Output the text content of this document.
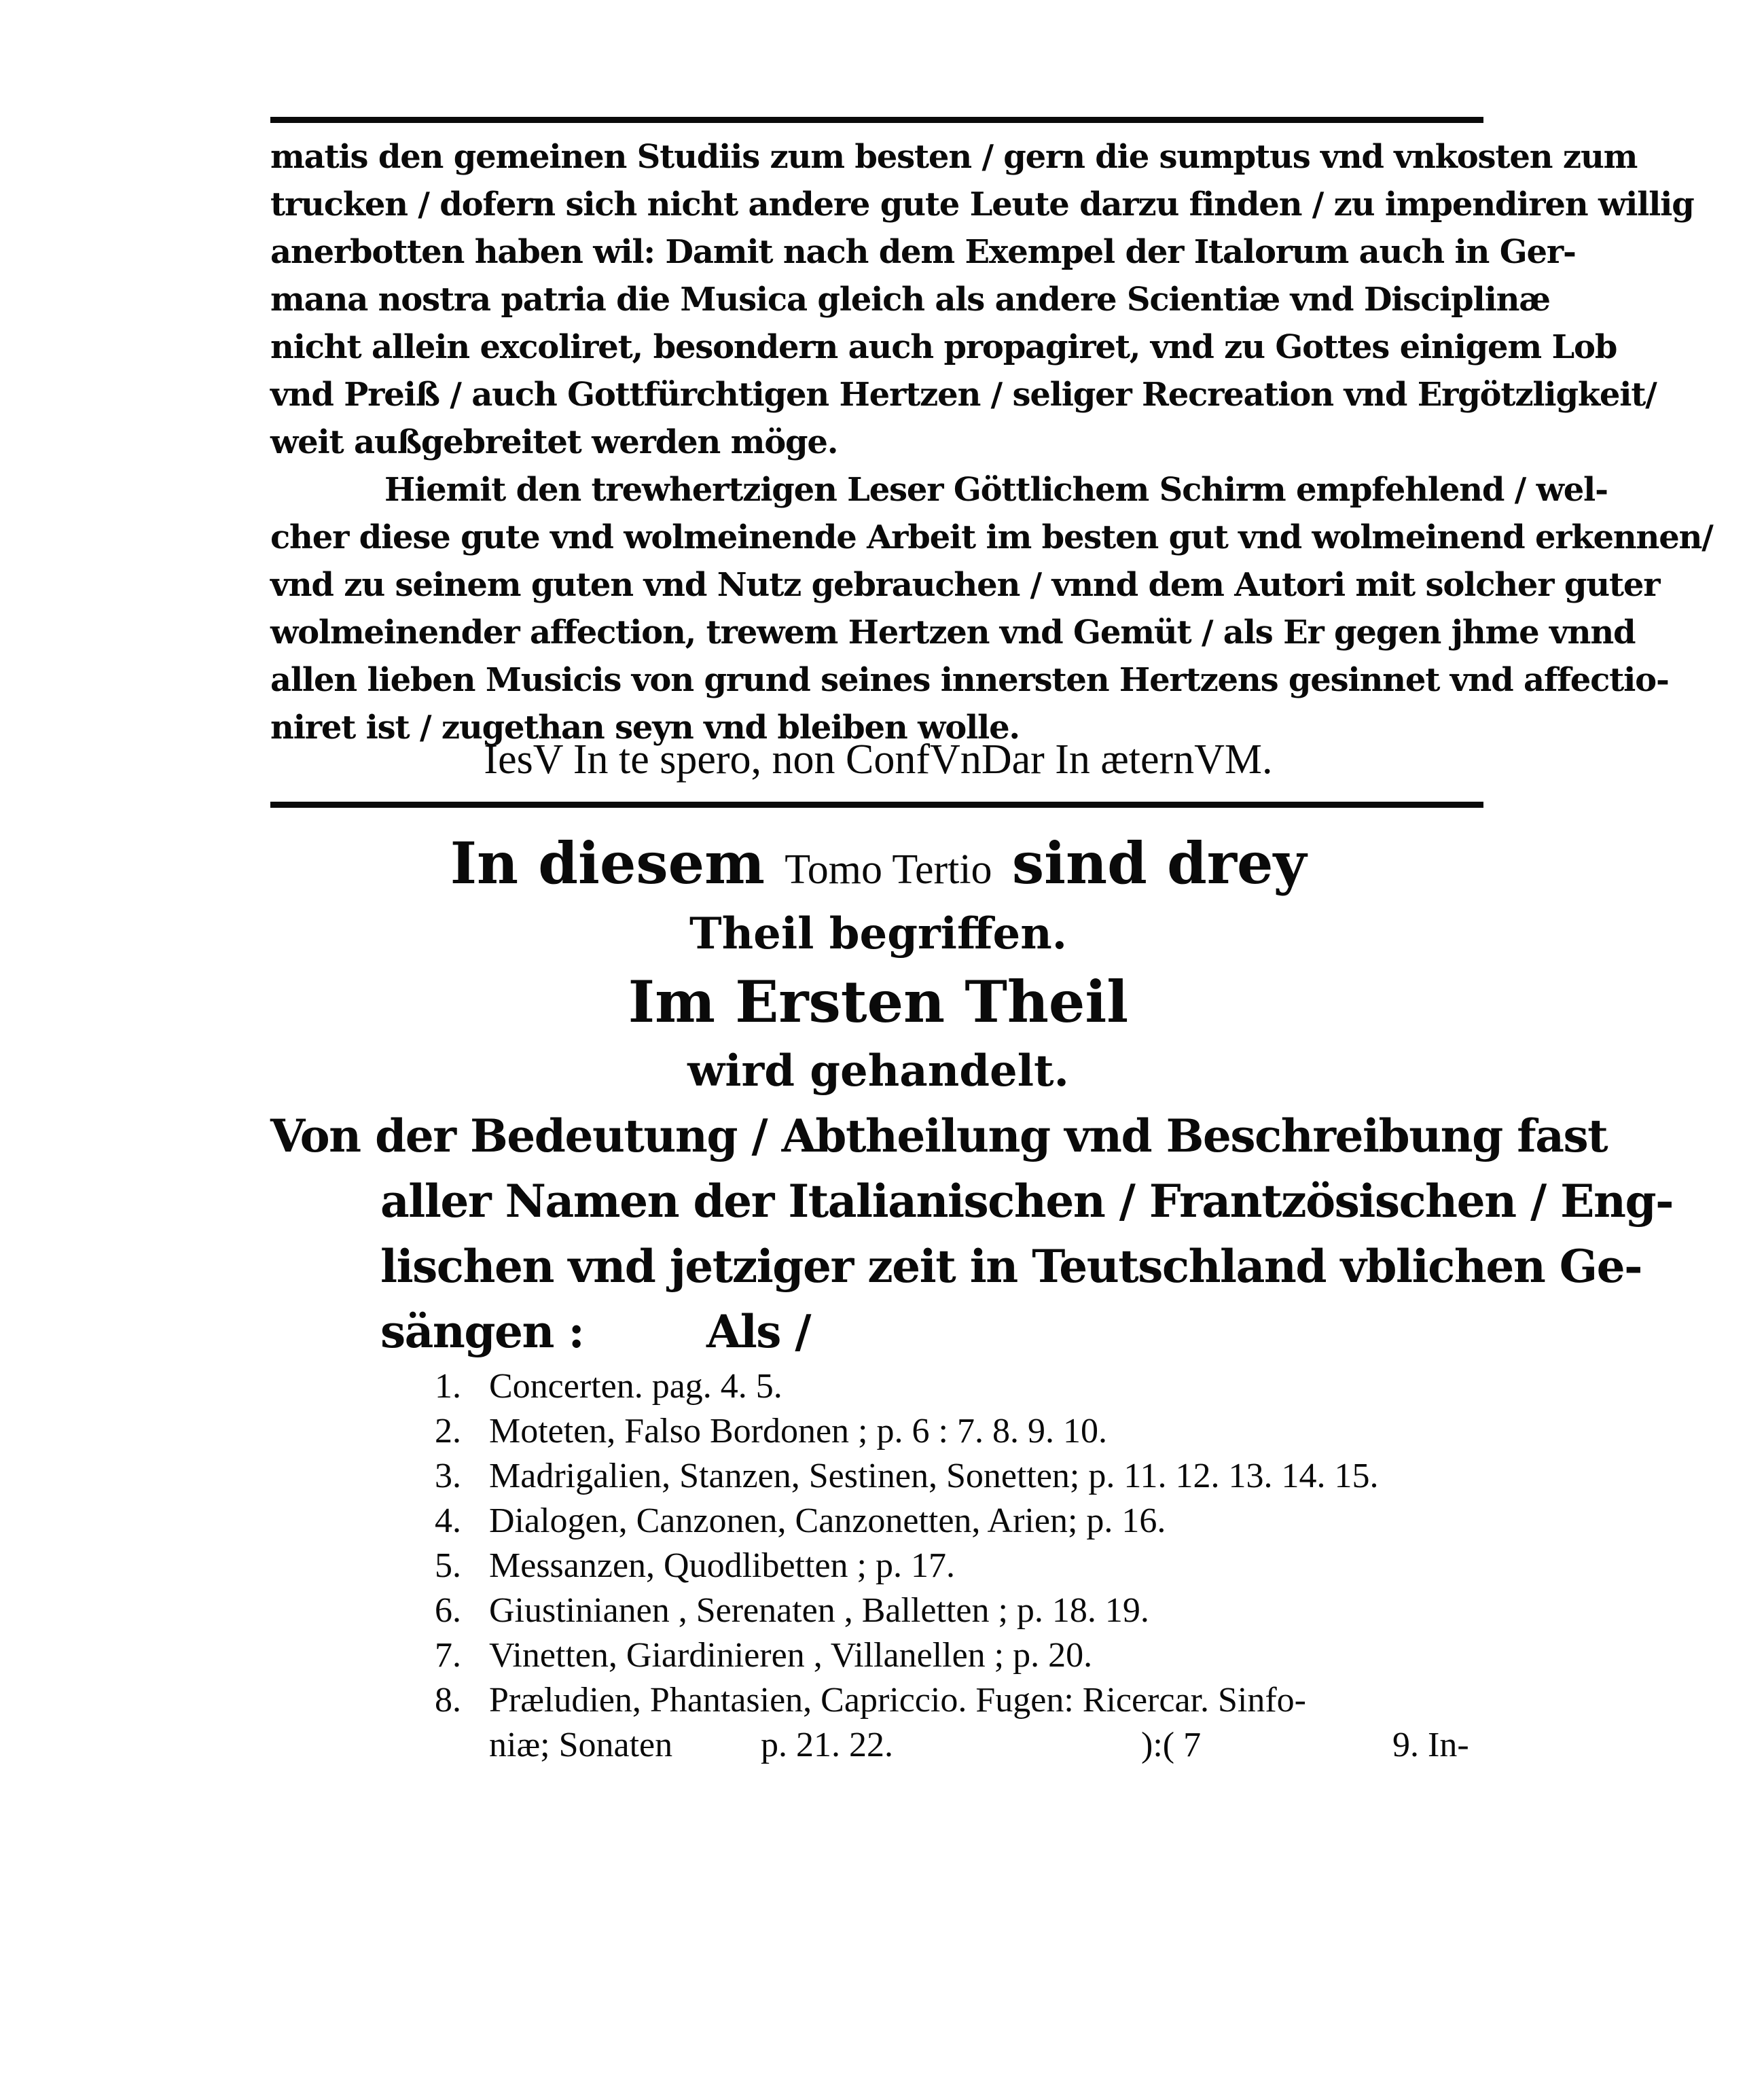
matis den gemeinen Studiis zum besten / gern die sumptus vnd vnkosten zum
trucken / dofern sich nicht andere gute Leute darzu finden / zu impendiren willig
anerbotten haben wil: Damit nach dem Exempel der Italorum auch in Ger-
mana nostra patria die Musica gleich als andere Scientiæ vnd Disciplinæ
nicht allein excoliret, besondern auch propagiret, vnd zu Gottes einigem Lob
vnd Preiß / auch Gottfürchtigen Hertzen / seliger Recreation vnd Ergötzligkeit/
weit außgebreitet werden möge.
Hiemit den trewhertzigen Leser Göttlichem Schirm empfehlend / wel-
cher diese gute vnd wolmeinende Arbeit im besten gut vnd wolmeinend erkennen/
vnd zu seinem guten vnd Nutz gebrauchen / vnnd dem Autori mit solcher guter
wolmeinender affection, trewem Hertzen vnd Gemüt / als Er gegen jhme vnnd
allen lieben Musicis von grund seines innersten Hertzens gesinnet vnd affectio-
niret ist / zugethan seyn vnd bleiben wolle.
IesV In te spero, non ConfVnDar In æternVM.
In diesem Tomo Tertio sind drey
Theil begriffen.
Im Ersten Theil
wird gehandelt.
Von der Bedeutung / Abtheilung vnd Beschreibung fast
aller Namen der Italianischen / Frantzösischen / Eng-
lischen vnd jetziger zeit in Teutschland vblichen Ge-
sängen :	Als /
1. Concerten. pag. 4. 5.
2. Moteten, Falso Bordonen ; p. 6 : 7. 8. 9. 10.
3. Madrigalien, Stanzen, Sestinen, Sonetten; p. 11. 12. 13. 14. 15.
4. Dialogen, Canzonen, Canzonetten, Arien; p. 16.
5. Messanzen, Quodlibetten ; p. 17.
6. Giustinianen , Serenaten , Balletten ; p. 18. 19.
7. Vinetten, Giardinieren , Villanellen ; p. 20.
8. Præludien, Phantasien, Capriccio. Fugen: Ricercar. Sinfo-
niæ; Sonaten p. 21. 22.	):( 7	9. In-
